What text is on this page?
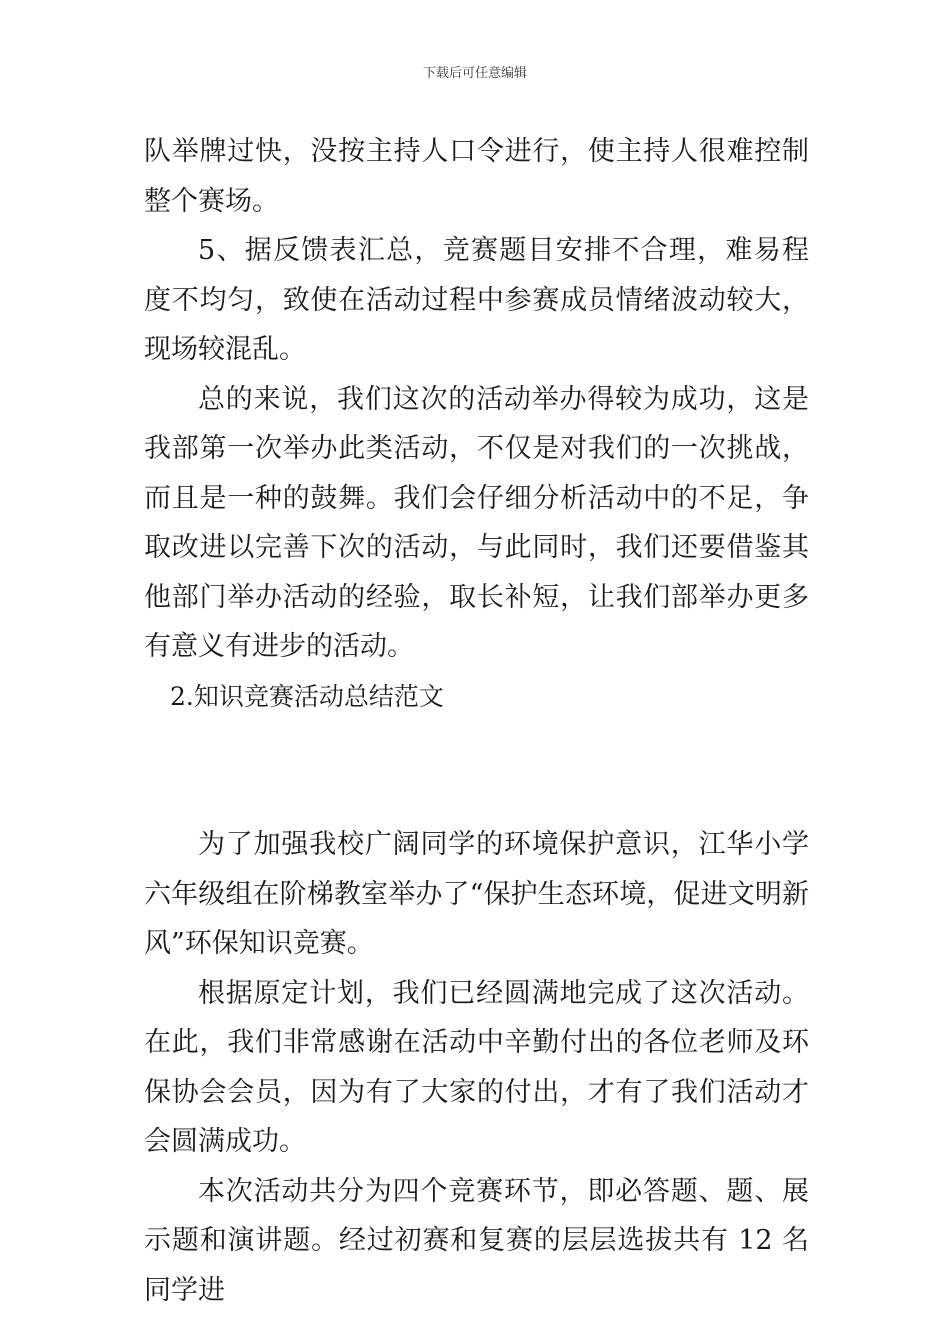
下载后可任意编辑

队举牌过快，没按主持人口令进行，使主持人很难控制整个赛场。

5、据反馈表汇总，竞赛题目安排不合理，难易程度不均匀，致使在活动过程中参赛成员情绪波动较大，现场较混乱。

总的来说，我们这次的活动举办得较为成功，这是我部第一次举办此类活动，不仅是对我们的一次挑战，而且是一种的鼓舞。我们会仔细分析活动中的不足，争取改进以完善下次的活动，与此同时，我们还要借鉴其他部门举办活动的经验，取长补短，让我们部举办更多有意义有进步的活动。

2.知识竞赛活动总结范文

为了加强我校广阔同学的环境保护意识，江华小学六年级组在阶梯教室举办了“保护生态环境，促进文明新风”环保知识竞赛。

根据原定计划，我们已经圆满地完成了这次活动。在此，我们非常感谢在活动中辛勤付出的各位老师及环保协会会员，因为有了大家的付出，才有了我们活动才会圆满成功。

本次活动共分为四个竞赛环节，即必答题、题、展示题和演讲题。经过初赛和复赛的层层选拔共有 12 名同学进
